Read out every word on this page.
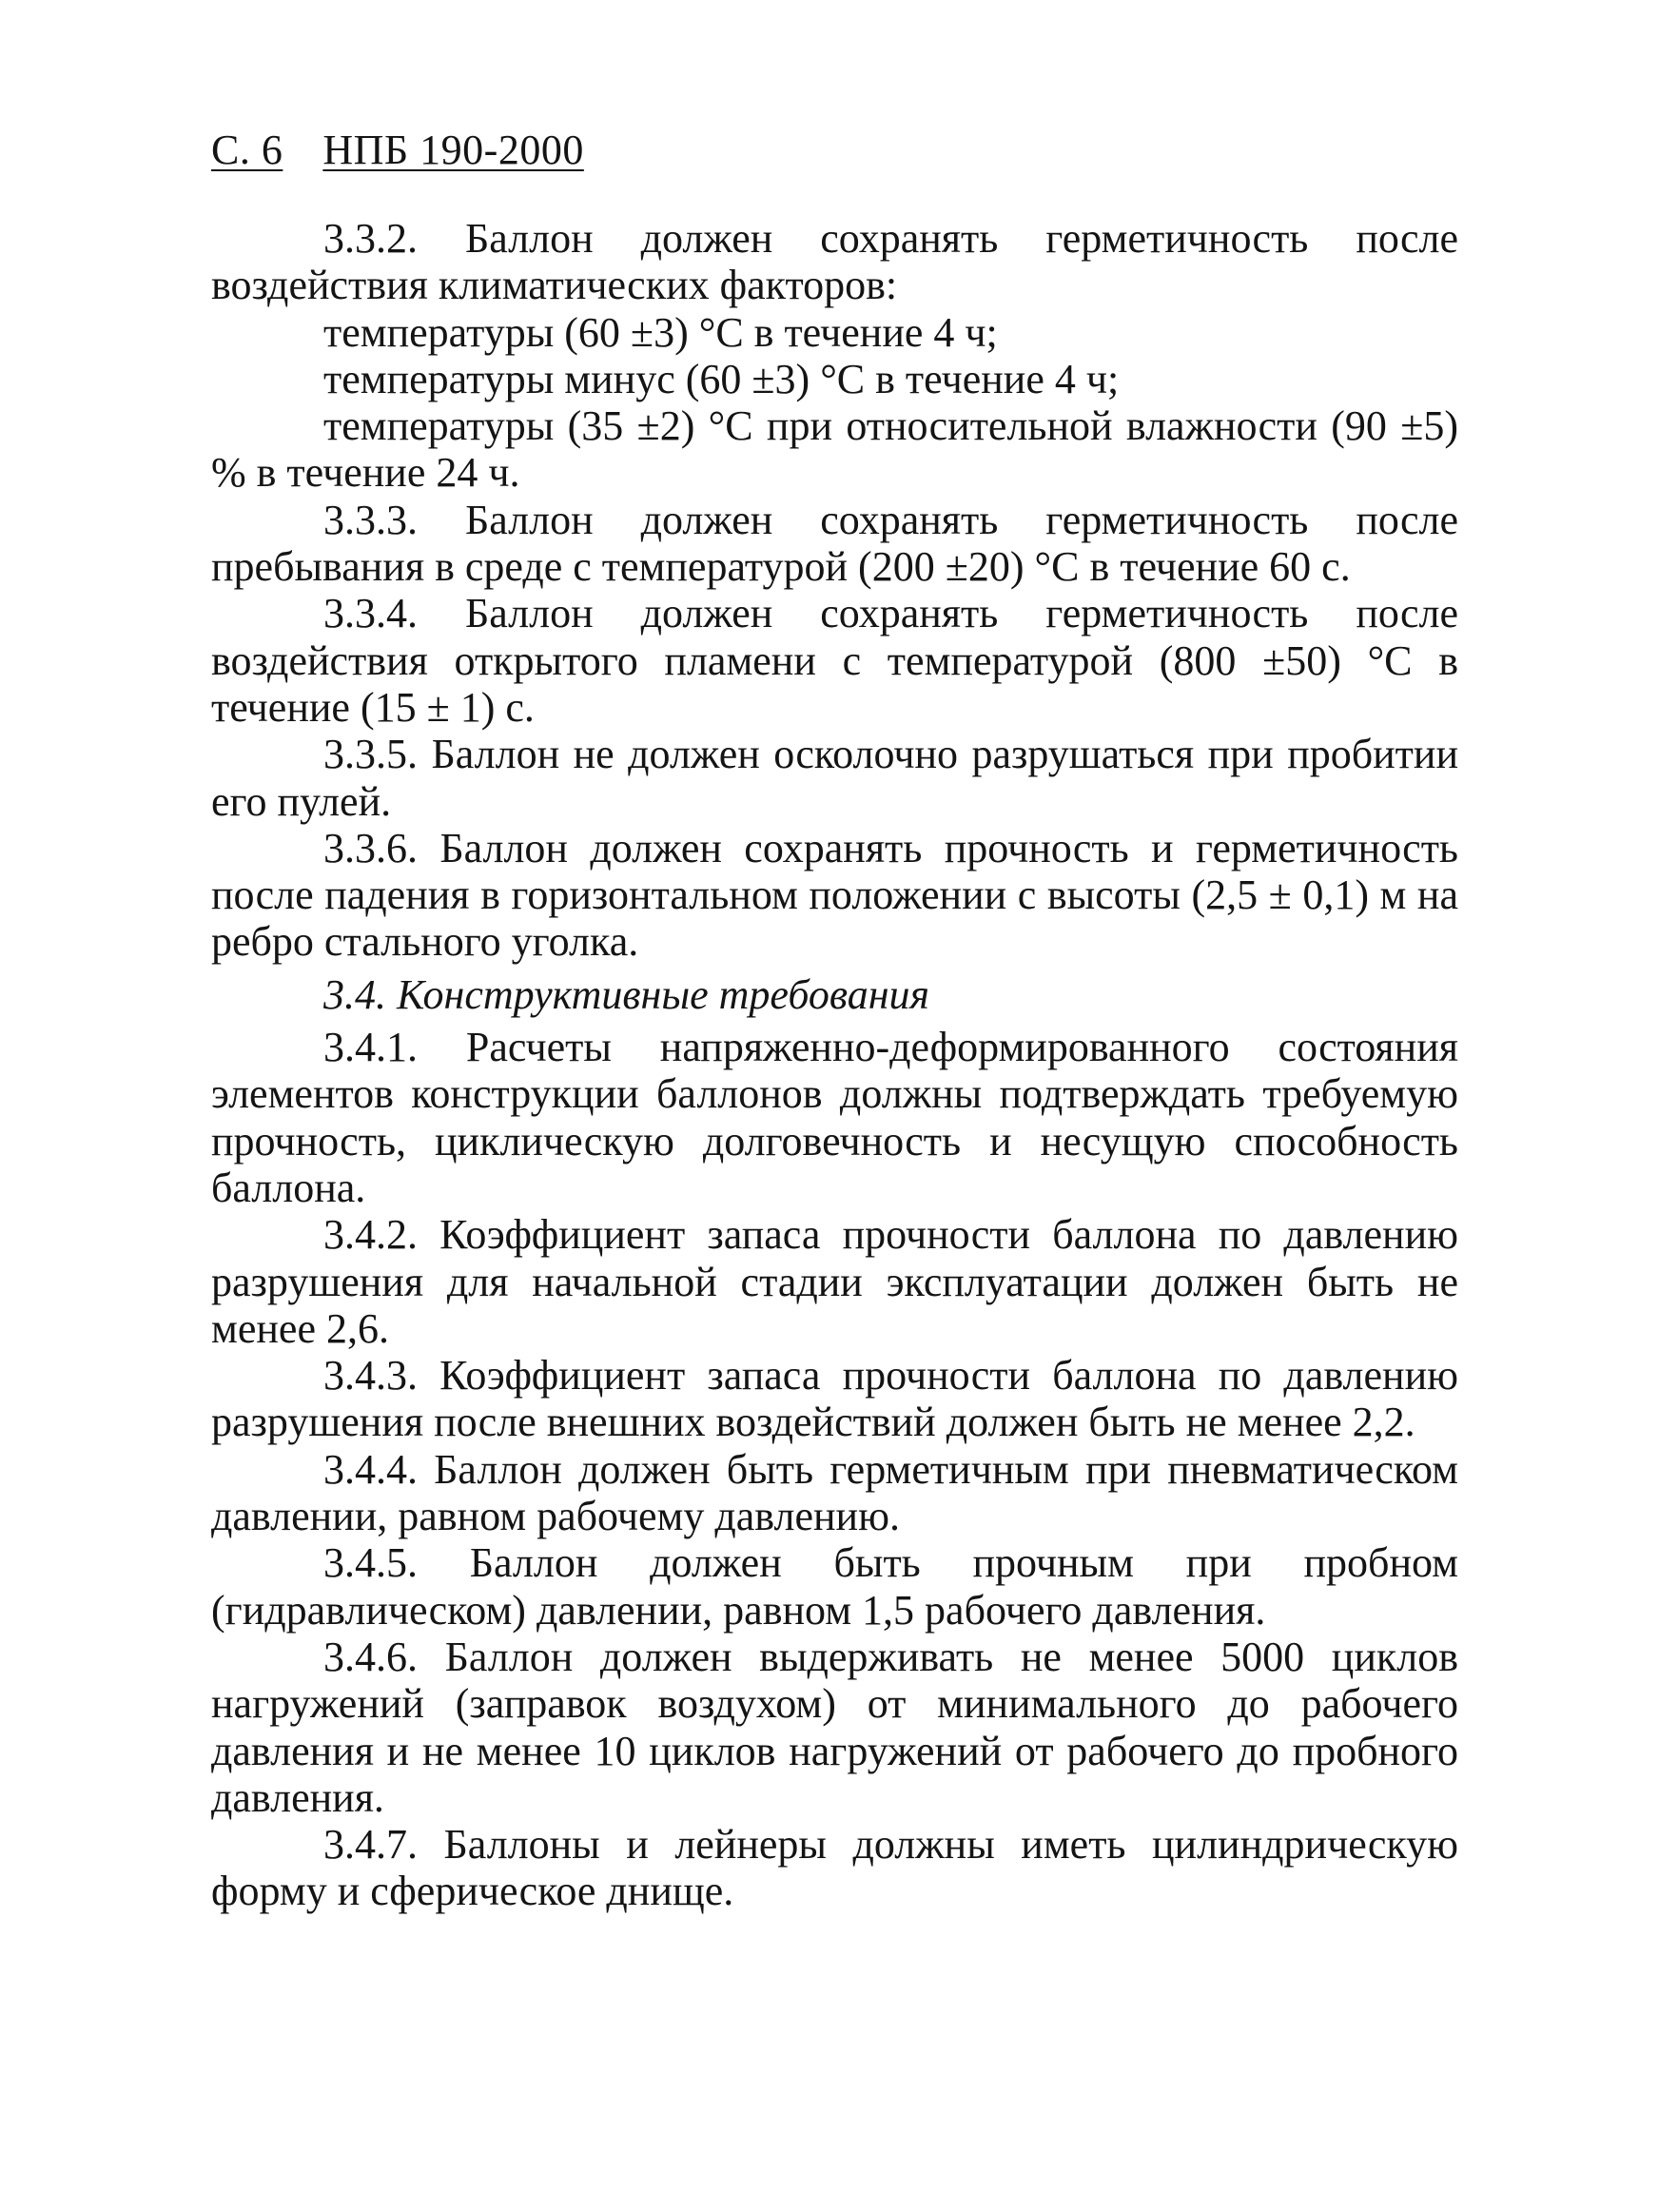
С. 6 НПБ 190-2000

3.3.2. Баллон должен сохранять герметичность после воздействия климатических факторов:

температуры (60 ±3) °С в течение 4 ч;

температуры минус (60 ±3) °С в течение 4 ч;

температуры (35 ±2) °С при относительной влажности (90 ±5) % в течение 24 ч.

3.3.3. Баллон должен сохранять герметичность после пребывания в среде с температурой (200 ±20) °С в течение 60 с.

3.3.4. Баллон должен сохранять герметичность после воздействия открытого пламени с температурой (800 ±50) °С в течение (15 ± 1) с.

3.3.5. Баллон не должен осколочно разрушаться при пробитии его пулей.

3.3.6. Баллон должен сохранять прочность и герметичность после падения в горизонтальном положении с высоты (2,5 ± 0,1) м на ребро стального уголка.

3.4. Конструктивные требования

3.4.1. Расчеты напряженно-деформированного состояния элементов конструкции баллонов должны подтверждать требуемую прочность, циклическую долговечность и несущую способность баллона.

3.4.2. Коэффициент запаса прочности баллона по давлению разрушения для начальной стадии эксплуатации должен быть не менее 2,6.

3.4.3. Коэффициент запаса прочности баллона по давлению разрушения после внешних воздействий должен быть не менее 2,2.

3.4.4. Баллон должен быть герметичным при пневматическом давлении, равном рабочему давлению.

3.4.5. Баллон должен быть прочным при пробном (гидравлическом) давлении, равном 1,5 рабочего давления.

3.4.6. Баллон должен выдерживать не менее 5000 циклов нагружений (заправок воздухом) от минимального до рабочего давления и не менее 10 циклов нагружений от рабочего до пробного давления.

3.4.7. Баллоны и лейнеры должны иметь цилиндрическую форму и сферическое днище.
